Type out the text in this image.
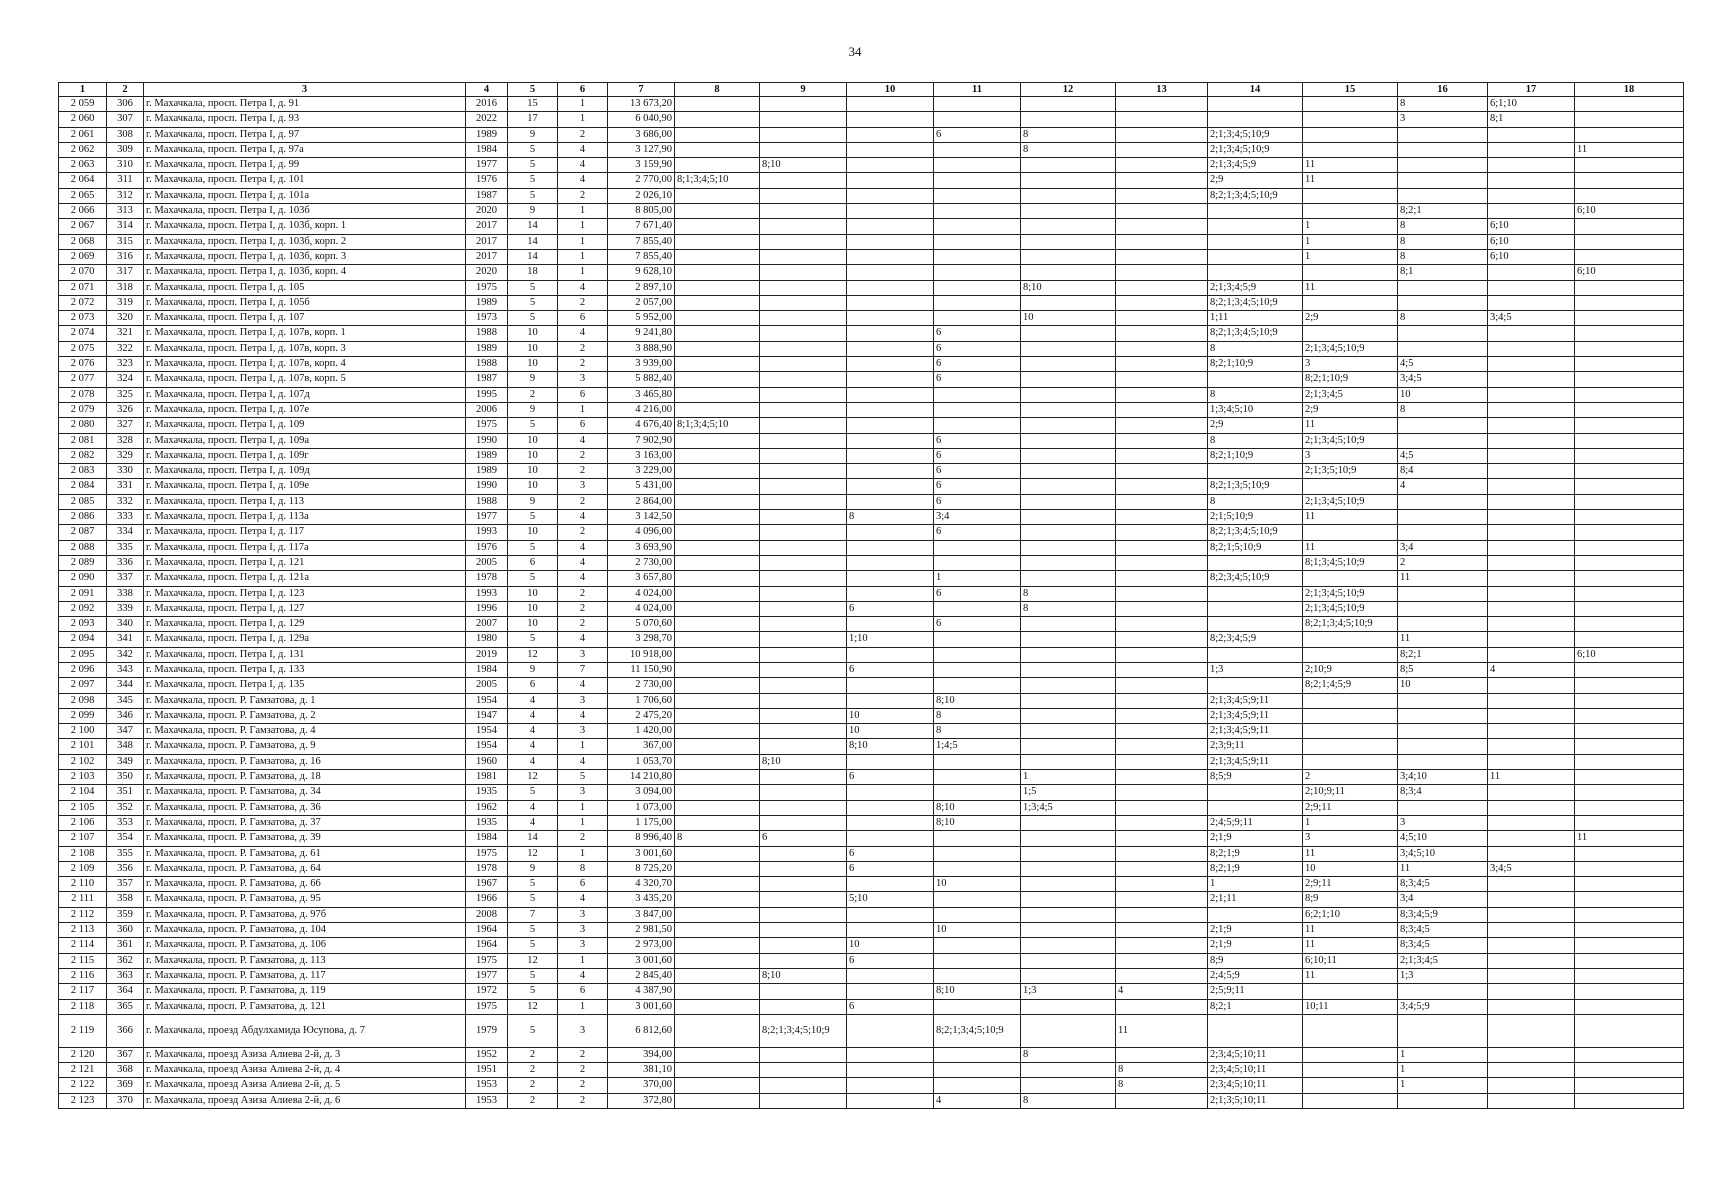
34
1	2	3	4	5	6	7	8	9	10	11	12	13	14	15	16	17	18
2 059	306	г. Махачкала, просп. Петра I, д. 91	2016	15	1	13 673,20									8	6;1;10	
2 060	307	г. Махачкала, просп. Петра I, д. 93	2022	17	1	6 040,90									3	8;1	
2 061	308	г. Махачкала, просп. Петра I, д. 97	1989	9	2	3 686,00				6	8		2;1;3;4;5;10;9				
2 062	309	г. Махачкала, просп. Петра I, д. 97а	1984	5	4	3 127,90					8		2;1;3;4;5;10;9				11
2 063	310	г. Махачкала, просп. Петра I, д. 99	1977	5	4	3 159,90		8;10					2;1;3;4;5;9	11			
2 064	311	г. Махачкала, просп. Петра I, д. 101	1976	5	4	2 770,00	8;1;3;4;5;10						2;9	11			
2 065	312	г. Махачкала, просп. Петра I, д. 101а	1987	5	2	2 026,10							8;2;1;3;4;5;10;9				
2 066	313	г. Махачкала, просп. Петра I, д. 103б	2020	9	1	8 805,00									8;2;1		6;10
2 067	314	г. Махачкала, просп. Петра I, д. 103б, корп. 1	2017	14	1	7 671,40								1	8	6;10	
2 068	315	г. Махачкала, просп. Петра I, д. 103б, корп. 2	2017	14	1	7 855,40								1	8	6;10	
2 069	316	г. Махачкала, просп. Петра I, д. 103б, корп. 3	2017	14	1	7 855,40								1	8	6;10	
2 070	317	г. Махачкала, просп. Петра I, д. 103б, корп. 4	2020	18	1	9 628,10									8;1		6;10
2 071	318	г. Махачкала, просп. Петра I, д. 105	1975	5	4	2 897,10					8;10		2;1;3;4;5;9	11			
2 072	319	г. Махачкала, просп. Петра I, д. 105б	1989	5	2	2 057,00							8;2;1;3;4;5;10;9				
2 073	320	г. Махачкала, просп. Петра I, д. 107	1973	5	6	5 952,00					10		1;11	2;9	8	3;4;5	
2 074	321	г. Махачкала, просп. Петра I, д. 107в, корп. 1	1988	10	4	9 241,80				6			8;2;1;3;4;5;10;9				
2 075	322	г. Махачкала, просп. Петра I, д. 107в, корп. 3	1989	10	2	3 888,90				6			8	2;1;3;4;5;10;9			
2 076	323	г. Махачкала, просп. Петра I, д. 107в, корп. 4	1988	10	2	3 939,00				6			8;2;1;10;9	3	4;5		
2 077	324	г. Махачкала, просп. Петра I, д. 107в, корп. 5	1987	9	3	5 882,40				6				8;2;1;10;9	3;4;5		
2 078	325	г. Махачкала, просп. Петра I, д. 107д	1995	2	6	3 465,80							8	2;1;3;4;5	10		
2 079	326	г. Махачкала, просп. Петра I, д. 107е	2006	9	1	4 216,00							1;3;4;5;10	2;9	8		
2 080	327	г. Махачкала, просп. Петра I, д. 109	1975	5	6	4 676,40	8;1;3;4;5;10						2;9	11			
2 081	328	г. Махачкала, просп. Петра I, д. 109а	1990	10	4	7 902,90				6			8	2;1;3;4;5;10;9			
2 082	329	г. Махачкала, просп. Петра I, д. 109г	1989	10	2	3 163,00				6			8;2;1;10;9	3	4;5		
2 083	330	г. Махачкала, просп. Петра I, д. 109д	1989	10	2	3 229,00				6				2;1;3;5;10;9	8;4		
2 084	331	г. Махачкала, просп. Петра I, д. 109е	1990	10	3	5 431,00				6			8;2;1;3;5;10;9		4		
2 085	332	г. Махачкала, просп. Петра I, д. 113	1988	9	2	2 864,00				6			8	2;1;3;4;5;10;9			
2 086	333	г. Махачкала, просп. Петра I, д. 113а	1977	5	4	3 142,50			8	3;4			2;1;5;10;9	11			
2 087	334	г. Махачкала, просп. Петра I, д. 117	1993	10	2	4 096,00				6			8;2;1;3;4;5;10;9				
2 088	335	г. Махачкала, просп. Петра I, д. 117а	1976	5	4	3 693,90							8;2;1;5;10;9	11	3;4		
2 089	336	г. Махачкала, просп. Петра I, д. 121	2005	6	4	2 730,00								8;1;3;4;5;10;9	2		
2 090	337	г. Махачкала, просп. Петра I, д. 121а	1978	5	4	3 657,80				1			8;2;3;4;5;10;9		11		
2 091	338	г. Махачкала, просп. Петра I, д. 123	1993	10	2	4 024,00				6	8			2;1;3;4;5;10;9			
2 092	339	г. Махачкала, просп. Петра I, д. 127	1996	10	2	4 024,00			6		8			2;1;3;4;5;10;9			
2 093	340	г. Махачкала, просп. Петра I, д. 129	2007	10	2	5 070,60				6				8;2;1;3;4;5;10;9			
2 094	341	г. Махачкала, просп. Петра I, д. 129а	1980	5	4	3 298,70			1;10				8;2;3;4;5;9		11		
2 095	342	г. Махачкала, просп. Петра I, д. 131	2019	12	3	10 918,00									8;2;1		6;10
2 096	343	г. Махачкала, просп. Петра I, д. 133	1984	9	7	11 150,90			6				1;3	2;10;9	8;5	4	
2 097	344	г. Махачкала, просп. Петра I, д. 135	2005	6	4	2 730,00								8;2;1;4;5;9	10		
2 098	345	г. Махачкала, просп. Р. Гамзатова, д. 1	1954	4	3	1 706,60				8;10			2;1;3;4;5;9;11				
2 099	346	г. Махачкала, просп. Р. Гамзатова, д. 2	1947	4	4	2 475,20			10	8			2;1;3;4;5;9;11				
2 100	347	г. Махачкала, просп. Р. Гамзатова, д. 4	1954	4	3	1 420,00			10	8			2;1;3;4;5;9;11				
2 101	348	г. Махачкала, просп. Р. Гамзатова, д. 9	1954	4	1	367,00			8;10	1;4;5			2;3;9;11				
2 102	349	г. Махачкала, просп. Р. Гамзатова, д. 16	1960	4	4	1 053,70		8;10					2;1;3;4;5;9;11				
2 103	350	г. Махачкала, просп. Р. Гамзатова, д. 18	1981	12	5	14 210,80			6		1		8;5;9	2	3;4;10	11	
2 104	351	г. Махачкала, просп. Р. Гамзатова, д. 34	1935	5	3	3 094,00					1;5			2;10;9;11	8;3;4		
2 105	352	г. Махачкала, просп. Р. Гамзатова, д. 36	1962	4	1	1 073,00				8;10	1;3;4;5			2;9;11			
2 106	353	г. Махачкала, просп. Р. Гамзатова, д. 37	1935	4	1	1 175,00				8;10			2;4;5;9;11	1	3		
2 107	354	г. Махачкала, просп. Р. Гамзатова, д. 39	1984	14	2	8 996,40	8	6					2;1;9	3	4;5;10		11
2 108	355	г. Махачкала, просп. Р. Гамзатова, д. 61	1975	12	1	3 001,60			6				8;2;1;9	11	3;4;5;10		
2 109	356	г. Махачкала, просп. Р. Гамзатова, д. 64	1978	9	8	8 725,20			6				8;2;1;9	10	11	3;4;5	
2 110	357	г. Махачкала, просп. Р. Гамзатова, д. 66	1967	5	6	4 320,70				10			1	2;9;11	8;3;4;5		
2 111	358	г. Махачкала, просп. Р. Гамзатова, д. 95	1966	5	4	3 435,20			5;10				2;1;11	8;9	3;4		
2 112	359	г. Махачкала, просп. Р. Гамзатова, д. 97б	2008	7	3	3 847,00								6;2;1;10	8;3;4;5;9		
2 113	360	г. Махачкала, просп. Р. Гамзатова, д. 104	1964	5	3	2 981,50				10			2;1;9	11	8;3;4;5		
2 114	361	г. Махачкала, просп. Р. Гамзатова, д. 106	1964	5	3	2 973,00			10				2;1;9	11	8;3;4;5		
2 115	362	г. Махачкала, просп. Р. Гамзатова, д. 113	1975	12	1	3 001,60			6				8;9	6;10;11	2;1;3;4;5		
2 116	363	г. Махачкала, просп. Р. Гамзатова, д. 117	1977	5	4	2 845,40		8;10					2;4;5;9	11	1;3		
2 117	364	г. Махачкала, просп. Р. Гамзатова, д. 119	1972	5	6	4 387,90				8;10	1;3	4	2;5;9;11				
2 118	365	г. Махачкала, просп. Р. Гамзатова, д. 121	1975	12	1	3 001,60			6				8;2;1	10;11	3;4;5;9		
2 119	366	г. Махачкала, проезд Абдулхамида Юсупова, д. 7	1979	5	3	6 812,60		8;2;1;3;4;5;10;9		8;2;1;3;4;5;10;9		11					
2 120	367	г. Махачкала, проезд Азиза Алиева 2-й, д. 3	1952	2	2	394,00					8		2;3;4;5;10;11		1		
2 121	368	г. Махачкала, проезд Азиза Алиева 2-й, д. 4	1951	2	2	381,10						8	2;3;4;5;10;11		1		
2 122	369	г. Махачкала, проезд Азиза Алиева 2-й, д. 5	1953	2	2	370,00						8	2;3;4;5;10;11		1		
2 123	370	г. Махачкала, проезд Азиза Алиева 2-й, д. 6	1953	2	2	372,80				4	8		2;1;3;5;10;11				
